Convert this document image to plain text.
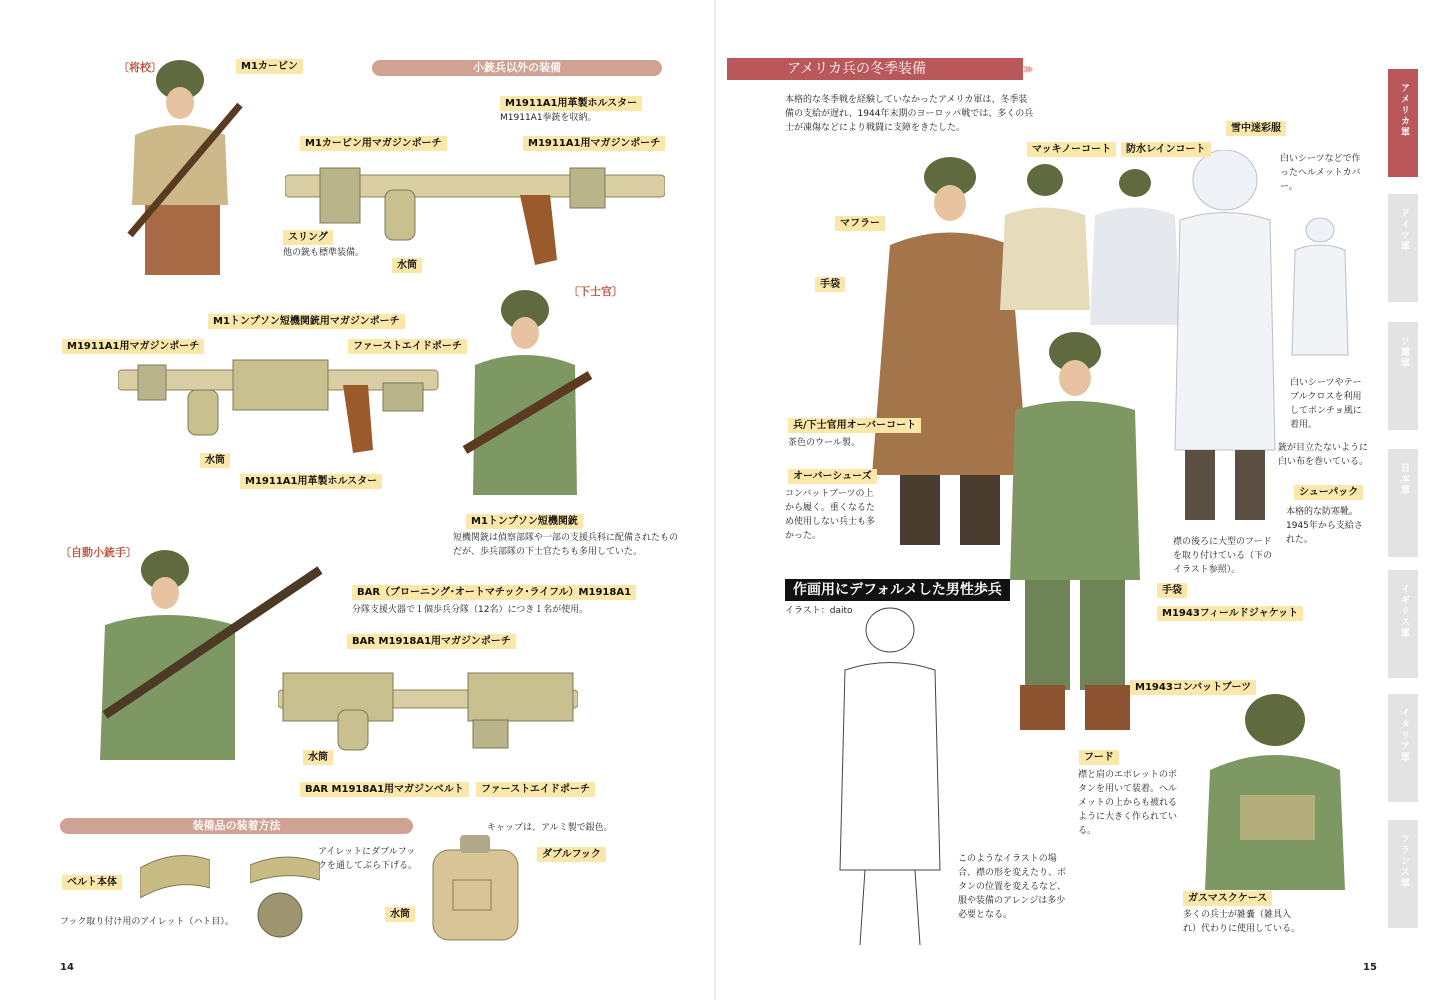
〔将校〕	小銃兵以外の装備
M1カービン
M1911A1用革製ホルスター
M1911A1拳銃を収納。
M1カービン用マガジンポーチ	M1911A1用マガジンポーチ
スリング
他の銃も標準装備。
水筒
〔下士官〕
M1トンプソン短機関銃用マガジンポーチ
M1911A1用マガジンポーチ	ファーストエイドポーチ
水筒
M1911A1用革製ホルスター
M1トンプソン短機関銃
短機関銃は偵察部隊や一部の支援兵科に配備されたものだが、歩兵部隊の下士官たちも多用していた。
〔自動小銃手〕
BAR（ブローニング･オートマチック･ライフル）M1918A1
分隊支援火器で１個歩兵分隊（12名）につき１名が使用。
BAR M1918A1用マガジンポーチ
水筒
BAR M1918A1用マガジンベルト	ファーストエイドポーチ
装備品の装着方法	キャップは、アルミ製で銀色。
アイレットにダブルフックを通してぶら下げる。
ダブルフック
ベルト本体
水筒
フック取り付け用のアイレット（ハト目）。
14
アメリカ兵の冬季装備	›››
本格的な冬季戦を経験していなかったアメリカ軍は、冬季装備の支給が遅れ、1944年末期のヨーロッパ戦では、多くの兵士が凍傷などにより戦闘に支障をきたした。
マッキノーコート	防水レインコート
雪中迷彩服
白いシーツなどで作ったヘルメットカバー。
マフラー
手袋
白いシーツやテーブルクロスを利用してポンチョ風に着用。
兵/下士官用オーバーコート
茶色のウール製。	銃が目立たないように白い布を巻いている。
オーバーシューズ
コンバットブーツの上から履く。重くなるため使用しない兵士も多かった。
シューパック
本格的な防寒靴。1945年から支給された。
襟の後ろに大型のフードを取り付けている（下のイラスト参照）。
手袋
M1943フィールドジャケット
作画用にデフォルメした男性歩兵
イラスト：daito
M1943コンバットブーツ
フード
襟と肩のエポレットのボタンを用いて装着。ヘルメットの上からも被れるように大きく作られている。
このようなイラストの場合、襟の形を変えたり、ボタンの位置を変えるなど、服や装備のアレンジは多少必要となる。
ガスマスクケース
多くの兵士が雑嚢（雑具入れ）代わりに使用している。
アメリカ軍
ドイツ軍
ソ連軍
日本軍
イギリス軍
イタリア軍
フランス軍
15
